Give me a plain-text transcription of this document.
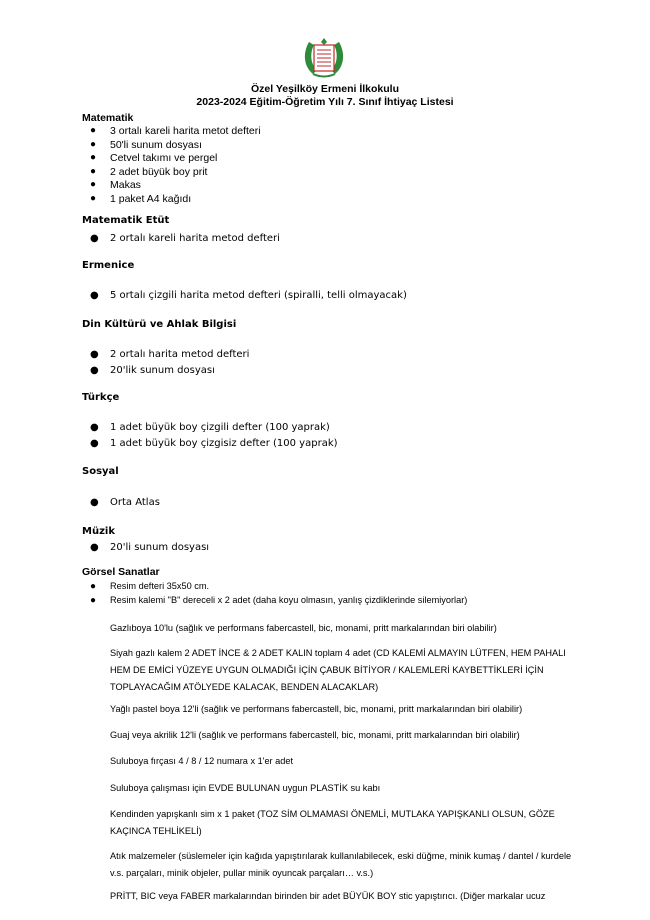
Özel Yeşilköy Ermeni İlkokulu
2023-2024 Eğitim-Öğretim Yılı 7. Sınıf İhtiyaç Listesi
Matematik
● 3 ortalı kareli harita metot defteri
● 50'li sunum dosyası
● Cetvel takımı ve pergel
● 2 adet büyük boy prit
● Makas
● 1 paket A4 kağıdı
Matematik Etüt
● 2 ortalı kareli harita metod defteri
Ermenice
● 5 ortalı çizgili harita metod defteri (spiralli, telli olmayacak)
Din Kültürü ve Ahlak Bilgisi
● 2 ortalı harita metod defteri
● 20'lik sunum dosyası
Türkçe
● 1 adet büyük boy çizgili defter (100 yaprak)
● 1 adet büyük boy çizgisiz defter (100 yaprak)
Sosyal
● Orta Atlas
Müzik
● 20'li sunum dosyası
Görsel Sanatlar
● Resim defteri 35x50 cm.
● Resim kalemi "B" dereceli x 2 adet (daha koyu olmasın, yanlış çizdiklerinde silemiyorlar)
Gazlıboya 10'lu (sağlık ve performans fabercastell, bic, monami, pritt markalarından biri olabilir)
Siyah gazlı kalem 2 ADET İNCE & 2 ADET KALIN toplam 4 adet (CD KALEMİ ALMAYIN LÜTFEN, HEM PAHALI HEM DE EMİCİ YÜZEYE UYGUN OLMADIĞI İÇİN ÇABUK BİTİYOR / KALEMLERİ KAYBETTİKLERİ İÇİN TOPLAYACAĞIM ATÖLYEDE KALACAK, BENDEN ALACAKLAR)
Yağlı pastel boya 12'li (sağlık ve performans fabercastell, bic, monami, pritt markalarından biri olabilir)
Guaj veya akrilik 12'li (sağlık ve performans fabercastell, bic, monami, pritt markalarından biri olabilir)
Suluboya fırçası 4 / 8 / 12 numara x 1'er adet
Suluboya çalışması için EVDE BULUNAN uygun PLASTİK su kabı
Kendinden yapışkanlı sim x 1 paket (TOZ SİM OLMAMASI ÖNEMLİ, MUTLAKA YAPIŞKANLI OLSUN, GÖZE KAÇINCA TEHLİKELİ)
Atık malzemeler (süslemeler için kağıda yapıştırılarak kullanılabilecek, eski düğme, minik kumaş / dantel / kurdele v.s. parçaları, minik objeler, pullar minik oyuncak parçaları… v.s.)
PRİTT, BIC veya FABER markalarından birinden bir adet BÜYÜK BOY stic yapıştırıcı. (Diğer markalar ucuz
